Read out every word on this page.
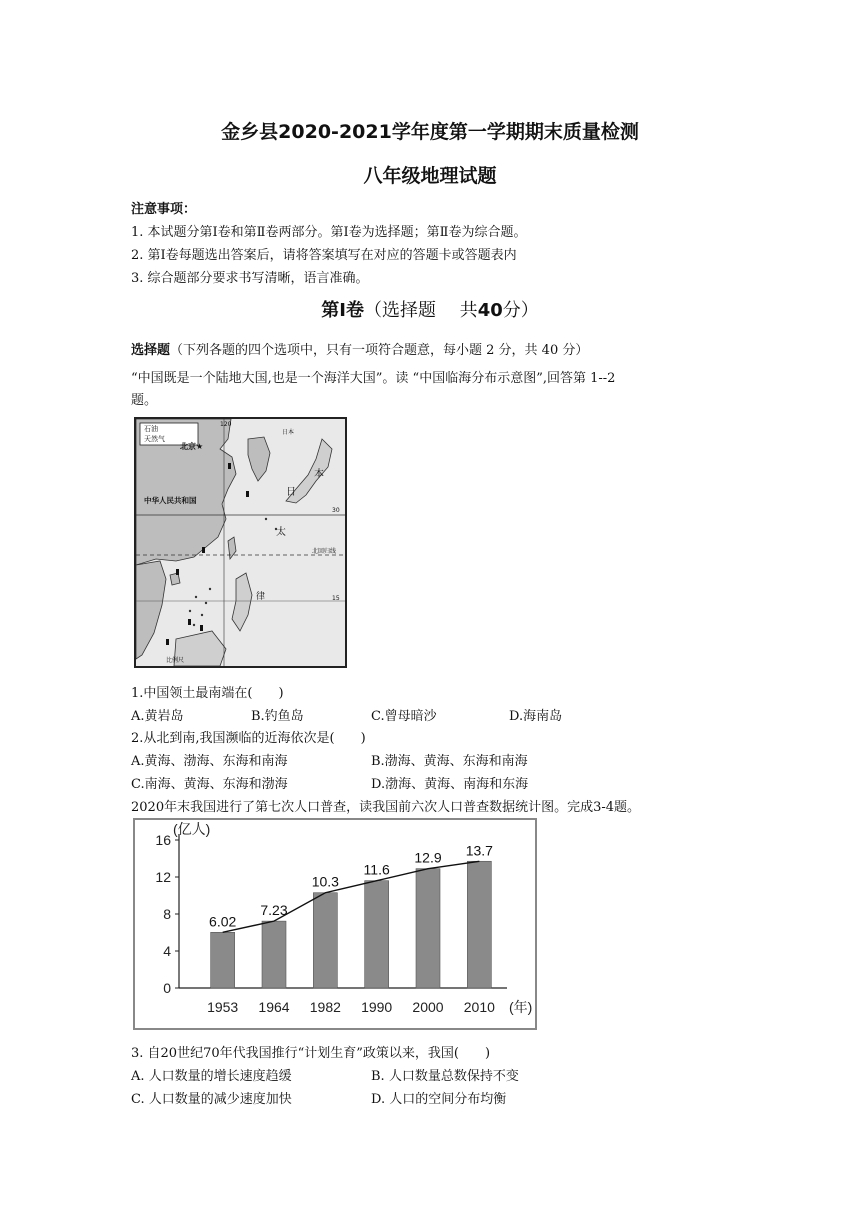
金乡县2020-2021学年度第一学期期末质量检测
八年级地理试题
注意事项：
1. 本试题分第Ⅰ卷和第Ⅱ卷两部分。第Ⅰ卷为选择题；第Ⅱ卷为综合题。
2. 第Ⅰ卷每题选出答案后，请将答案填写在对应的答题卡或答题表内
3. 综合题部分要求书写清晰，语言准确。
第Ⅰ卷（选择题　 共40分）
选择题（下列各题的四个选项中，只有一项符合题意，每小题 2 分，共 40 分）
“中国既是一个陆地大国,也是一个海洋大国”。读 “中国临海分布示意图”,回答第 1--2
题。
石油
天然气
北京★
中华人民共和国
120
30
15
北回归线
本
日
太
律
日本
比例尺
1.中国领土最南端在(　　)
A.黄岩岛	B.钓鱼岛	C.曾母暗沙	D.海南岛
2.从北到南,我国濒临的近海依次是(　　)
A.黄海、渤海、东海和南海	B.渤海、黄海、东海和南海
C.南海、黄海、东海和渤海	D.渤海、黄海、南海和东海
2020年末我国进行了第七次人口普查，读我国前六次人口普查数据统计图。完成3-4题。
0
4
8
12
16
(亿人)
6.02
1953
7.23
1964
10.3
1982
11.6
1990
12.9
2000
13.7
2010 (年)
3. 自20世纪70年代我国推行“计划生育”政策以来，我国(　　)
A. 人口数量的增长速度趋缓	B. 人口数量总数保持不变
C. 人口数量的减少速度加快	D. 人口的空间分布均衡
